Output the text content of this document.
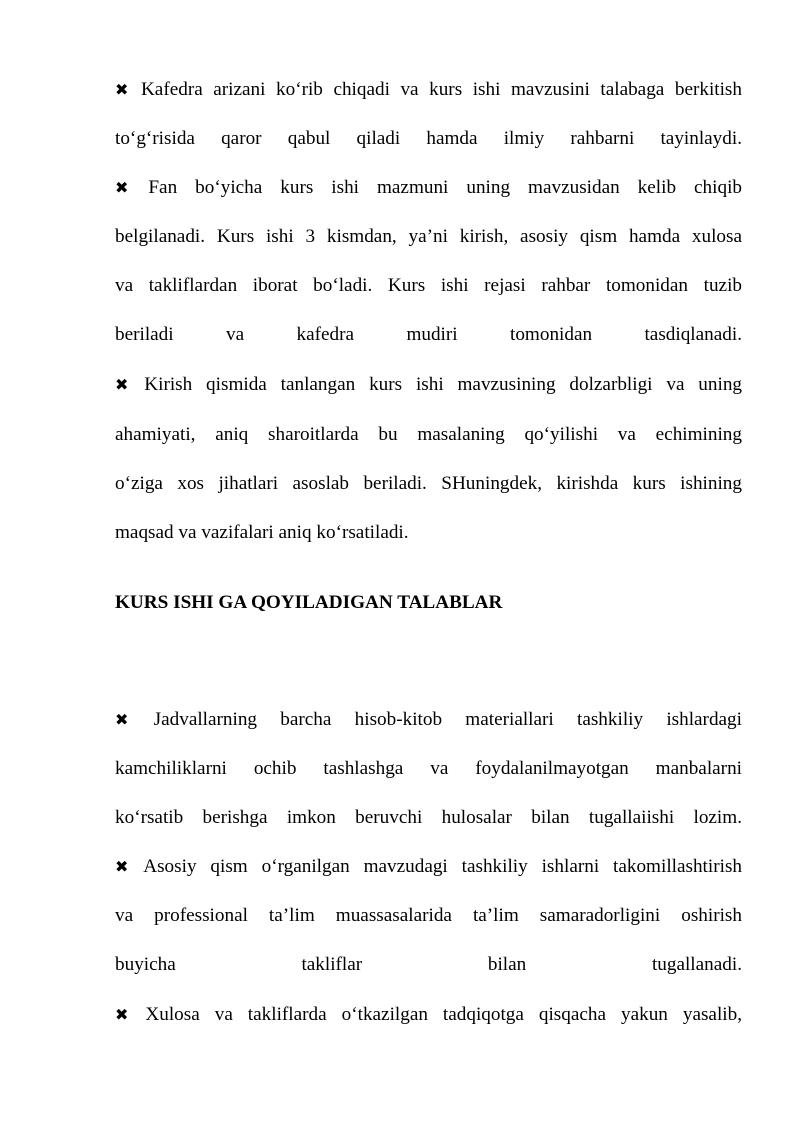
✖ Kafedra arizani ko‘rib chiqadi va kurs ishi mavzusini talabaga berkitish
to‘g‘risida qaror qabul qiladi hamda ilmiy rahbarni tayinlaydi.
✖ Fan bo‘yicha kurs ishi mazmuni uning mavzusidan kelib chiqib
belgilanadi. Kurs ishi 3 kismdan, ya’ni kirish, asosiy qism hamda xulosa
va takliflardan iborat bo‘ladi. Kurs ishi rejasi rahbar tomonidan tuzib
beriladi va kafedra mudiri tomonidan tasdiqlanadi.
✖ Kirish qismida tanlangan kurs ishi mavzusining dolzarbligi va uning
ahamiyati, aniq sharoitlarda bu masalaning qo‘yilishi va echimining
o‘ziga xos jihatlari asoslab beriladi. SHuningdek, kirishda kurs ishining
maqsad va vazifalari aniq ko‘rsatiladi.
KURS ISHI GA QOYILADIGAN TALABLAR
✖ Jadvallarning barcha hisob-kitob materiallari tashkiliy ishlardagi
kamchiliklarni ochib tashlashga va foydalanilmayotgan manbalarni
ko‘rsatib berishga imkon beruvchi hulosalar bilan tugallaiishi lozim.
✖ Asosiy qism o‘rganilgan mavzudagi tashkiliy ishlarni takomillashtirish
va professional ta’lim muassasalarida ta’lim samaradorligini oshirish
buyicha takliflar bilan tugallanadi.
✖ Xulosa va takliflarda o‘tkazilgan tadqiqotga qisqacha yakun yasalib,
